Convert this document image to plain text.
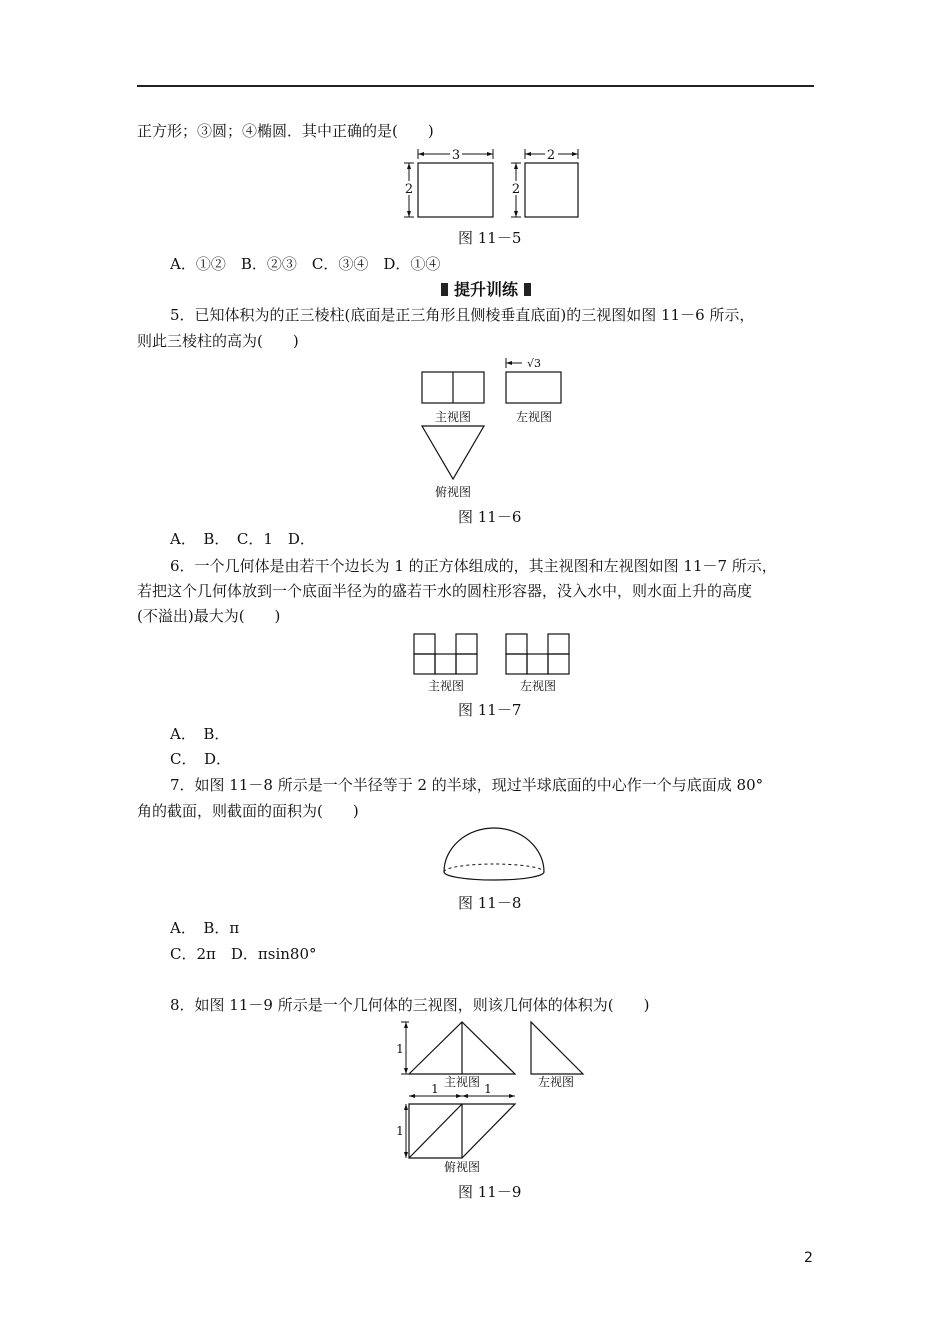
正方形；③圆；④椭圆．其中正确的是(　　)
3
2
2
2
图 11－5
A．①②　B．②③　C．③④　D．①④
提升训练
5．已知体积为的正三棱柱(底面是正三角形且侧棱垂直底面)的三视图如图 11－6 所示，
则此三棱柱的高为(　　)
主视图
√3
左视图
俯视图
图 11－6
A．　B．　C．1　D．
6．一个几何体是由若干个边长为 1 的正方体组成的，其主视图和左视图如图 11－7 所示，
若把这个几何体放到一个底面半径为的盛若干水的圆柱形容器，没入水中，则水面上升的高度
(不溢出)最大为(　　)
主视图	左视图
图 11－7
A．　B．
C．　D．
7．如图 11－8 所示是一个半径等于 2 的半球，现过半球底面的中心作一个与底面成 80°
角的截面，则截面的面积为(　　)
图 11－8
A．　B．π
C．2π　D．πsin80°
8．如图 11－9 所示是一个几何体的三视图，则该几何体的体积为(　　)
1
主视图	左视图
1	1
1
俯视图
图 11－9
2
